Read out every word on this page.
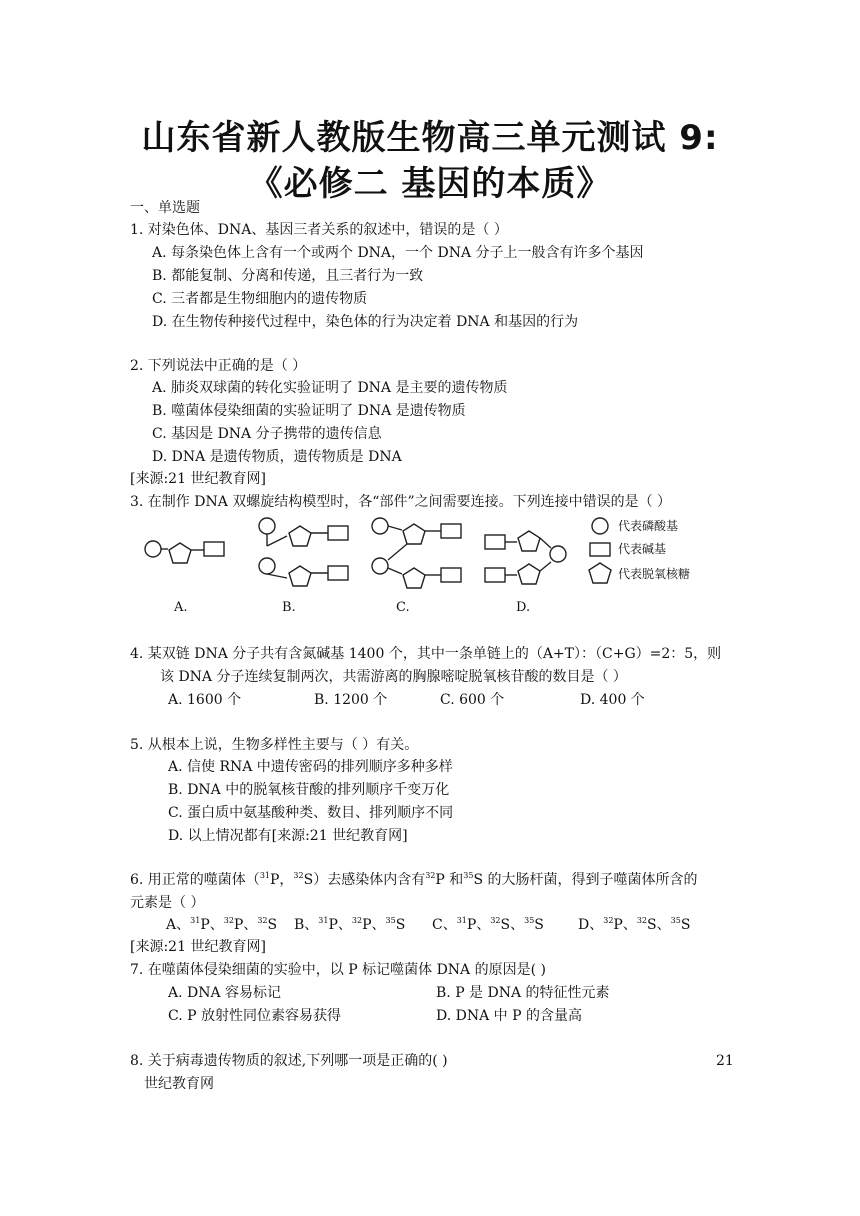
山东省新人教版生物高三单元测试 9:
《必修二 基因的本质》
一、单选题
1. 对染色体、DNA、基因三者关系的叙述中，错误的是（ ）
A. 每条染色体上含有一个或两个 DNA，一个 DNA 分子上一般含有许多个基因
B. 都能复制、分离和传递，且三者行为一致
C. 三者都是生物细胞内的遗传物质
D. 在生物传种接代过程中，染色体的行为决定着 DNA 和基因的行为
2. 下列说法中正确的是（ ）
A. 肺炎双球菌的转化实验证明了 DNA 是主要的遗传物质
B. 噬菌体侵染细菌的实验证明了 DNA 是遗传物质
C. 基因是 DNA 分子携带的遗传信息
D. DNA 是遗传物质，遗传物质是 DNA
[来源:21 世纪教育网]
3. 在制作 DNA 双螺旋结构模型时，各“部件”之间需要连接。下列连接中错误的是（ ）
代表磷酸基
代表碱基
代表脱氧核糖
A.	B.	C.	D.
4. 某双链 DNA 分子共有含氮碱基 1400 个，其中一条单链上的（A+T）：（C+G）=2：5，则
该 DNA 分子连续复制两次，共需游离的胸腺嘧啶脱氧核苷酸的数目是（ ）
A. 1600 个	B. 1200 个	C. 600 个	D. 400 个
5. 从根本上说，生物多样性主要与（ ）有关。
A. 信使 RNA 中遗传密码的排列顺序多种多样
B. DNA 中的脱氧核苷酸的排列顺序千变万化
C. 蛋白质中氨基酸种类、数目、排列顺序不同
D. 以上情况都有[来源:21 世纪教育网]
6. 用正常的噬菌体（$^{31}$P，$^{32}$S）去感染体内含有$^{32}$P 和$^{35}$S 的大肠杆菌，得到子噬菌体所含的
元素是（ ）
A、$^{31}$P、$^{32}$P、$^{32}$S B、$^{31}$P、$^{32}$P、$^{35}$S C、$^{31}$P、$^{32}$S、$^{35}$S D、$^{32}$P、$^{32}$S、$^{35}$S
[来源:21 世纪教育网]
7. 在噬菌体侵染细菌的实验中，以 P 标记噬菌体 DNA 的原因是( )
A. DNA 容易标记	B. P 是 DNA 的特征性元素
C. P 放射性同位素容易获得	D. DNA 中 P 的含量高
8. 关于病毒遗传物质的叙述,下列哪一项是正确的( )	21
世纪教育网
